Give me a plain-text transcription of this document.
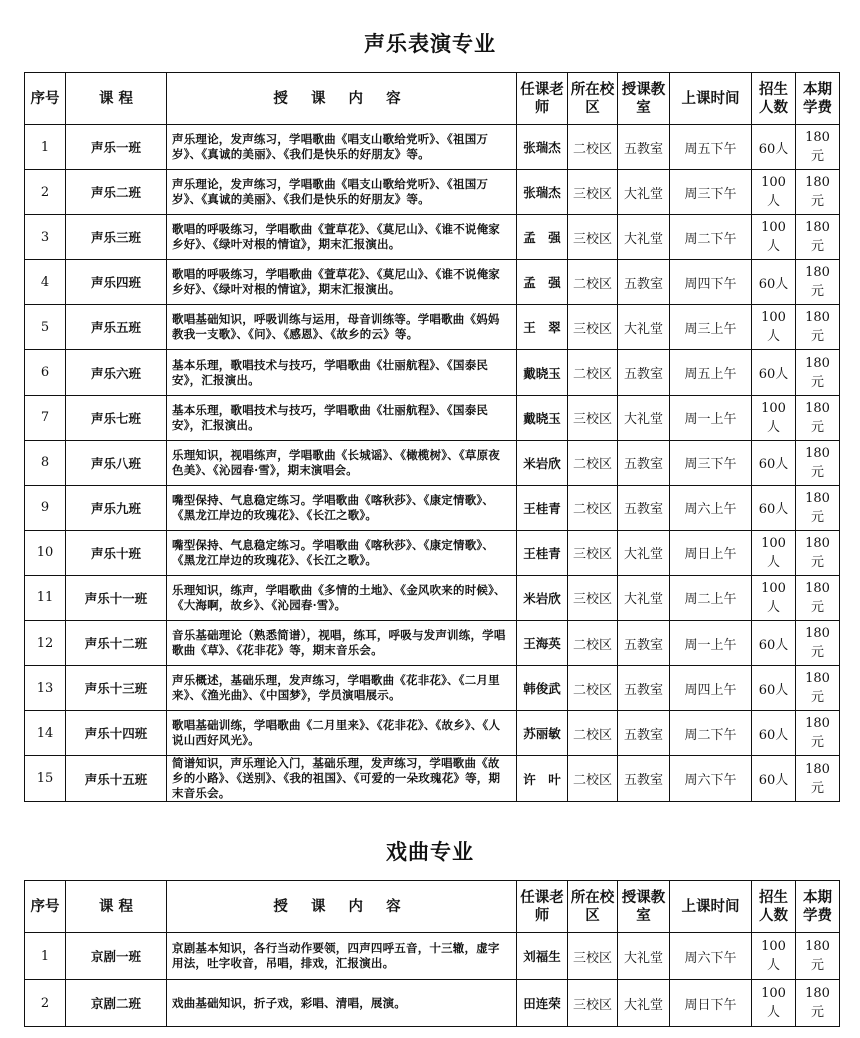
声乐表演专业
序号	课 程	授 课 内 容	任课老师	所在校区	授课教室	上课时间	招生人数	本期学费
1	声乐一班	声乐理论，发声练习，学唱歌曲《唱支山歌给党听》、《祖国万岁》、《真诚的美丽》、《我们是快乐的好朋友》等。	张瑞杰	二校区	五教室	周五下午	60人	180元
2	声乐二班	声乐理论，发声练习，学唱歌曲《唱支山歌给党听》、《祖国万岁》、《真诚的美丽》、《我们是快乐的好朋友》等。	张瑞杰	三校区	大礼堂	周三下午	100人	180元
3	声乐三班	歌唱的呼吸练习，学唱歌曲《萱草花》、《莫尼山》、《谁不说俺家乡好》、《绿叶对根的情谊》，期末汇报演出。	孟　强	三校区	大礼堂	周二下午	100人	180元
4	声乐四班	歌唱的呼吸练习，学唱歌曲《萱草花》、《莫尼山》、《谁不说俺家乡好》、《绿叶对根的情谊》，期末汇报演出。	孟　强	二校区	五教室	周四下午	60人	180元
5	声乐五班	歌唱基础知识，呼吸训练与运用，母音训练等。学唱歌曲《妈妈教我一支歌》、《问》、《感恩》、《故乡的云》等。	王　翠	三校区	大礼堂	周三上午	100人	180元
6	声乐六班	基本乐理，歌唱技术与技巧，学唱歌曲《壮丽航程》、《国泰民安》，汇报演出。	戴晓玉	二校区	五教室	周五上午	60人	180元
7	声乐七班	基本乐理，歌唱技术与技巧，学唱歌曲《壮丽航程》、《国泰民安》，汇报演出。	戴晓玉	三校区	大礼堂	周一上午	100人	180元
8	声乐八班	乐理知识，视唱练声，学唱歌曲《长城谣》、《橄榄树》、《草原夜色美》、《沁园春·雪》，期末演唱会。	米岩欣	二校区	五教室	周三下午	60人	180元
9	声乐九班	嘴型保持、气息稳定练习。学唱歌曲《喀秋莎》、《康定情歌》、《黑龙江岸边的玫瑰花》、《长江之歌》。	王桂青	二校区	五教室	周六上午	60人	180元
10	声乐十班	嘴型保持、气息稳定练习。学唱歌曲《喀秋莎》、《康定情歌》、《黑龙江岸边的玫瑰花》、《长江之歌》。	王桂青	三校区	大礼堂	周日上午	100人	180元
11	声乐十一班	乐理知识，练声，学唱歌曲《多情的土地》、《金风吹来的时候》、《大海啊，故乡》、《沁园春·雪》。	米岩欣	三校区	大礼堂	周二上午	100人	180元
12	声乐十二班	音乐基础理论（熟悉简谱），视唱，练耳，呼吸与发声训练，学唱歌曲《草》、《花非花》等，期末音乐会。	王海英	二校区	五教室	周一上午	60人	180元
13	声乐十三班	声乐概述，基础乐理，发声练习，学唱歌曲《花非花》、《二月里来》、《渔光曲》、《中国梦》，学员演唱展示。	韩俊武	二校区	五教室	周四上午	60人	180元
14	声乐十四班	歌唱基础训练，学唱歌曲《二月里来》、《花非花》、《故乡》、《人说山西好风光》。	苏丽敏	二校区	五教室	周二下午	60人	180元
15	声乐十五班	简谱知识，声乐理论入门，基础乐理，发声练习，学唱歌曲《故乡的小路》、《送别》、《我的祖国》、《可爱的一朵玫瑰花》等，期末音乐会。	许　叶	二校区	五教室	周六下午	60人	180元
戏曲专业
序号	课 程	授 课 内 容	任课老师	所在校区	授课教室	上课时间	招生人数	本期学费
1	京剧一班	京剧基本知识，各行当动作要领，四声四呼五音，十三辙，虚字用法，吐字收音，吊唱，排戏，汇报演出。	刘福生	三校区	大礼堂	周六下午	100人	180元
2	京剧二班	戏曲基础知识，折子戏，彩唱、清唱，展演。	田连荣	三校区	大礼堂	周日下午	100人	180元
